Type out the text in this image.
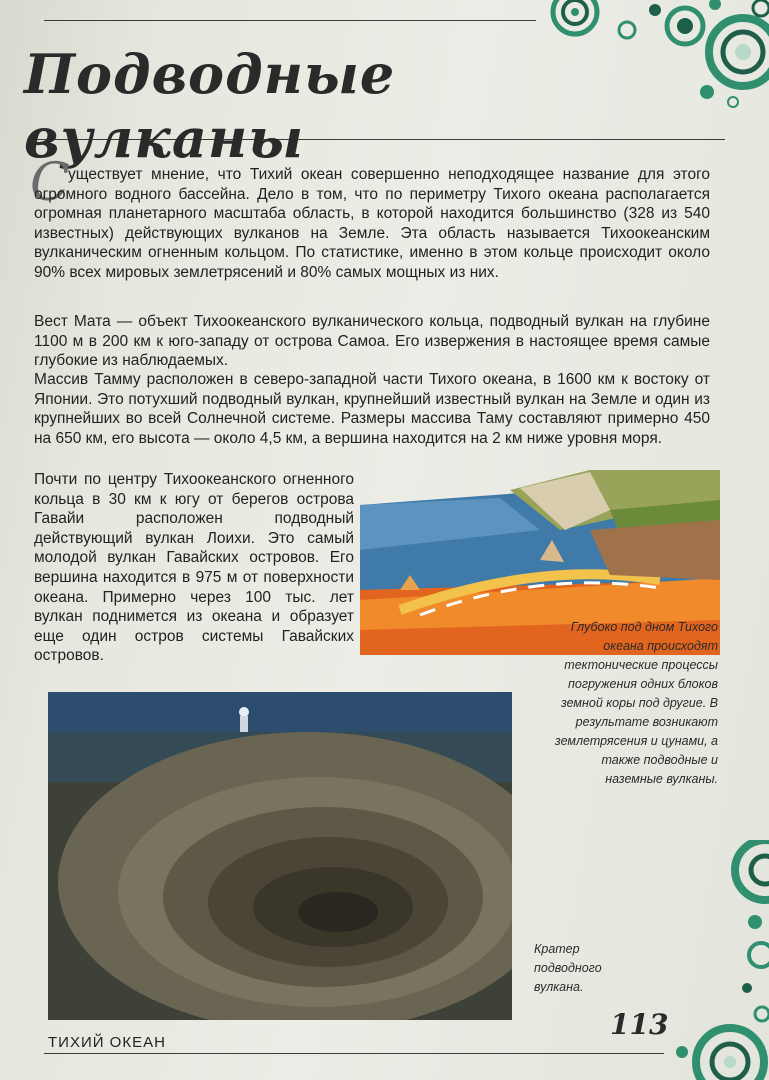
Подводные вулканы
С

уществует мнение, что Тихий океан совершенно неподходящее название для этого огромного водного бассейна. Дело в том, что по периметру Тихого океана располагается огромная планетарного масштаба область, в которой находится большинство (328 из 540 известных) действующих вулканов на Земле. Эта область называется Тихоокеанским вулканическим огненным кольцом. По статистике, именно в этом кольце происходит около 90% всех мировых землетрясений и 80% самых мощных из них.

Вест Мата — объект Тихоокеанского вулканического кольца, подводный вулкан на глубине 1100 м в 200 км к юго-западу от острова Самоа. Его извержения в настоящее время самые глубокие из наблюдаемых.

Массив Таммy расположен в северо-западной части Тихого океана, в 1600 км к востоку от Японии. Это потухший подводный вулкан, крупнейший известный вулкан на Земле и один из крупнейших во всей Солнечной системе. Размеры массива Таму составляют примерно 450 на 650 км, его высота — около 4,5 км, а вершина находится на 2 км ниже уровня моря.

Почти по центру Тихоокеанского огненного кольца в 30 км к югу от берегов острова Гавайи расположен подводный действующий вулкан Лоихи. Это самый молодой вулкан Гавайских островов. Его вершина находится в 975 м от поверхности океана. Примерно через 100 тыс. лет вулкан поднимется из океана и образует еще один остров системы Гавайских островов.

Глубоко под дном Тихого океана происходят тектонические процессы погружения одних блоков земной коры под другие. В результате возникают землетрясения и цунами, а также подводные и наземные вулканы.
Кратер подводного вулкана.
ТИХИЙ ОКЕАН
113
